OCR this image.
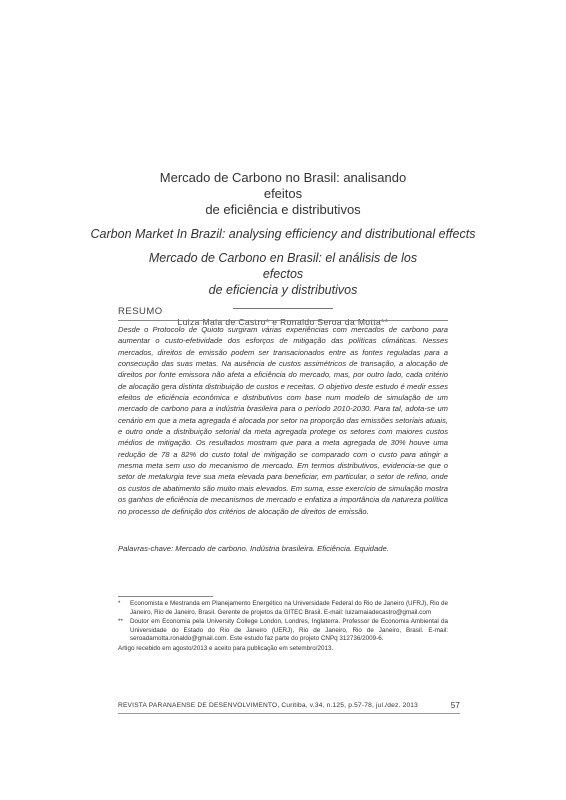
Mercado de Carbono no Brasil: analisando efeitos
de eficiência e distributivos

Carbon Market In Brazil: analysing efficiency and distributional effects

Mercado de Carbono en Brasil: el análisis de los efectos
de eficiencia y distributivos

Luiza Maia de Castro* e Ronaldo Seroa da Motta**
RESUMO

Desde o Protocolo de Quioto surgiram várias experiências com mercados de carbono para aumentar o custo-efetividade dos esforços de mitigação das políticas climáticas. Nesses mercados, direitos de emissão podem ser transacionados entre as fontes reguladas para a consecução das suas metas. Na ausência de custos assimétricos de transação, a alocação de direitos por fonte emissora não afeta a eficiência do mercado, mas, por outro lado, cada critério de alocação gera distinta distribuição de custos e receitas. O objetivo deste estudo é medir esses efeitos de eficiência econômica e distributivos com base num modelo de simulação de um mercado de carbono para a indústria brasileira para o período 2010-2030. Para tal, adota-se um cenário em que a meta agregada é alocada por setor na proporção das emissões setoriais atuais, e outro onde a distribuição setorial da meta agregada protege os setores com maiores custos médios de mitigação. Os resultados mostram que para a meta agregada de 30% houve uma redução de 78 a 82% do custo total de mitigação se comparado com o custo para atingir a mesma meta sem uso do mecanismo de mercado. Em termos distributivos, evidencia-se que o setor de metalurgia teve sua meta elevada para beneficiar, em particular, o setor de refino, onde os custos de abatimento são muito mais elevados. Em suma, esse exercício de simulação mostra os ganhos de eficiência de mecanismos de mercado e enfatiza a importância da natureza política no processo de definição dos critérios de alocação de direitos de emissão.

Palavras-chave: Mercado de carbono. Indústria brasileira. Eficiência. Equidade.

* Economista e Mestranda em Planejamento Energético na Universidade Federal do Rio de Janeiro (UFRJ), Rio de Janeiro, Rio de Janeiro, Brasil. Gerente de projetos da GITEC Brasil. E-mail: luizamaiadecastro@gmail.com

** Doutor em Economia pela University College London, Londres, Inglaterra. Professor de Economia Ambiental da Universidade do Estado do Rio de Janeiro (UERJ), Rio de Janeiro, Rio de Janeiro, Brasil. E-mail: seroadamotta.ronaldo@gmail.com. Este estudo faz parte do projeto CNPq 312736/2009-6.

Artigo recebido em agosto/2013 e aceito para publicação em setembro/2013.

REVISTA PARANAENSE DE DESENVOLVIMENTO, Curitiba, v.34, n.125, p.57-78, jul./dez. 2013	57
